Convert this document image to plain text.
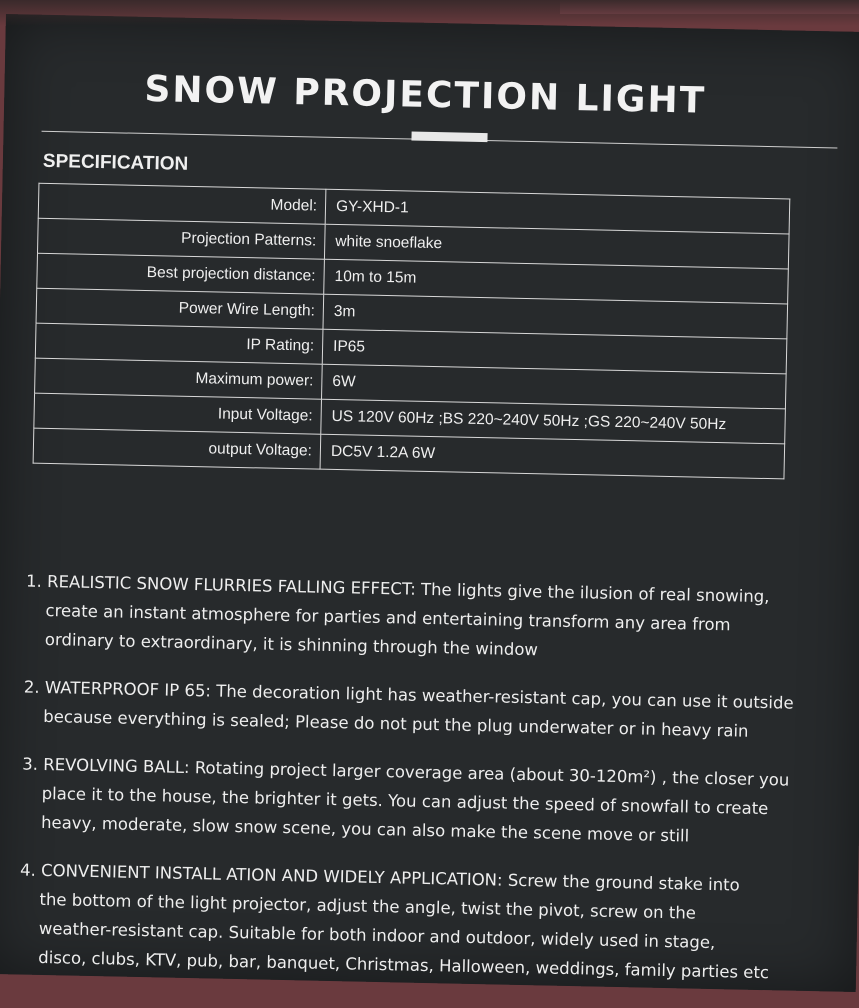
SNOW PROJECTION LIGHT
SPECIFICATION
Model:	GY-XHD-1
Projection Patterns:	white snoeflake
Best projection distance:	10m to 15m
Power Wire Length:	3m
IP Rating:	IP65
Maximum power:	6W
Input Voltage:	US 120V 60Hz ;BS 220~240V 50Hz ;GS 220~240V 50Hz
output Voltage:	DC5V 1.2A 6W
1. REALISTIC SNOW FLURRIES FALLING EFFECT: The lights give the ilusion of real snowing,
create an instant atmosphere for parties and entertaining transform any area from
ordinary to extraordinary, it is shinning through the window
2. WATERPROOF IP 65: The decoration light has weather-resistant cap, you can use it outside
because everything is sealed; Please do not put the plug underwater or in heavy rain
3. REVOLVING BALL: Rotating project larger coverage area (about 30-120m²) , the closer you
place it to the house, the brighter it gets. You can adjust the speed of snowfall to create
heavy, moderate, slow snow scene, you can also make the scene move or still
4. CONVENIENT INSTALL ATION AND WIDELY APPLICATION: Screw the ground stake into
the bottom of the light projector, adjust the angle, twist the pivot, screw on the
weather-resistant cap. Suitable for both indoor and outdoor, widely used in stage,
disco, clubs, KTV, pub, bar, banquet, Christmas, Halloween, weddings, family parties etc
